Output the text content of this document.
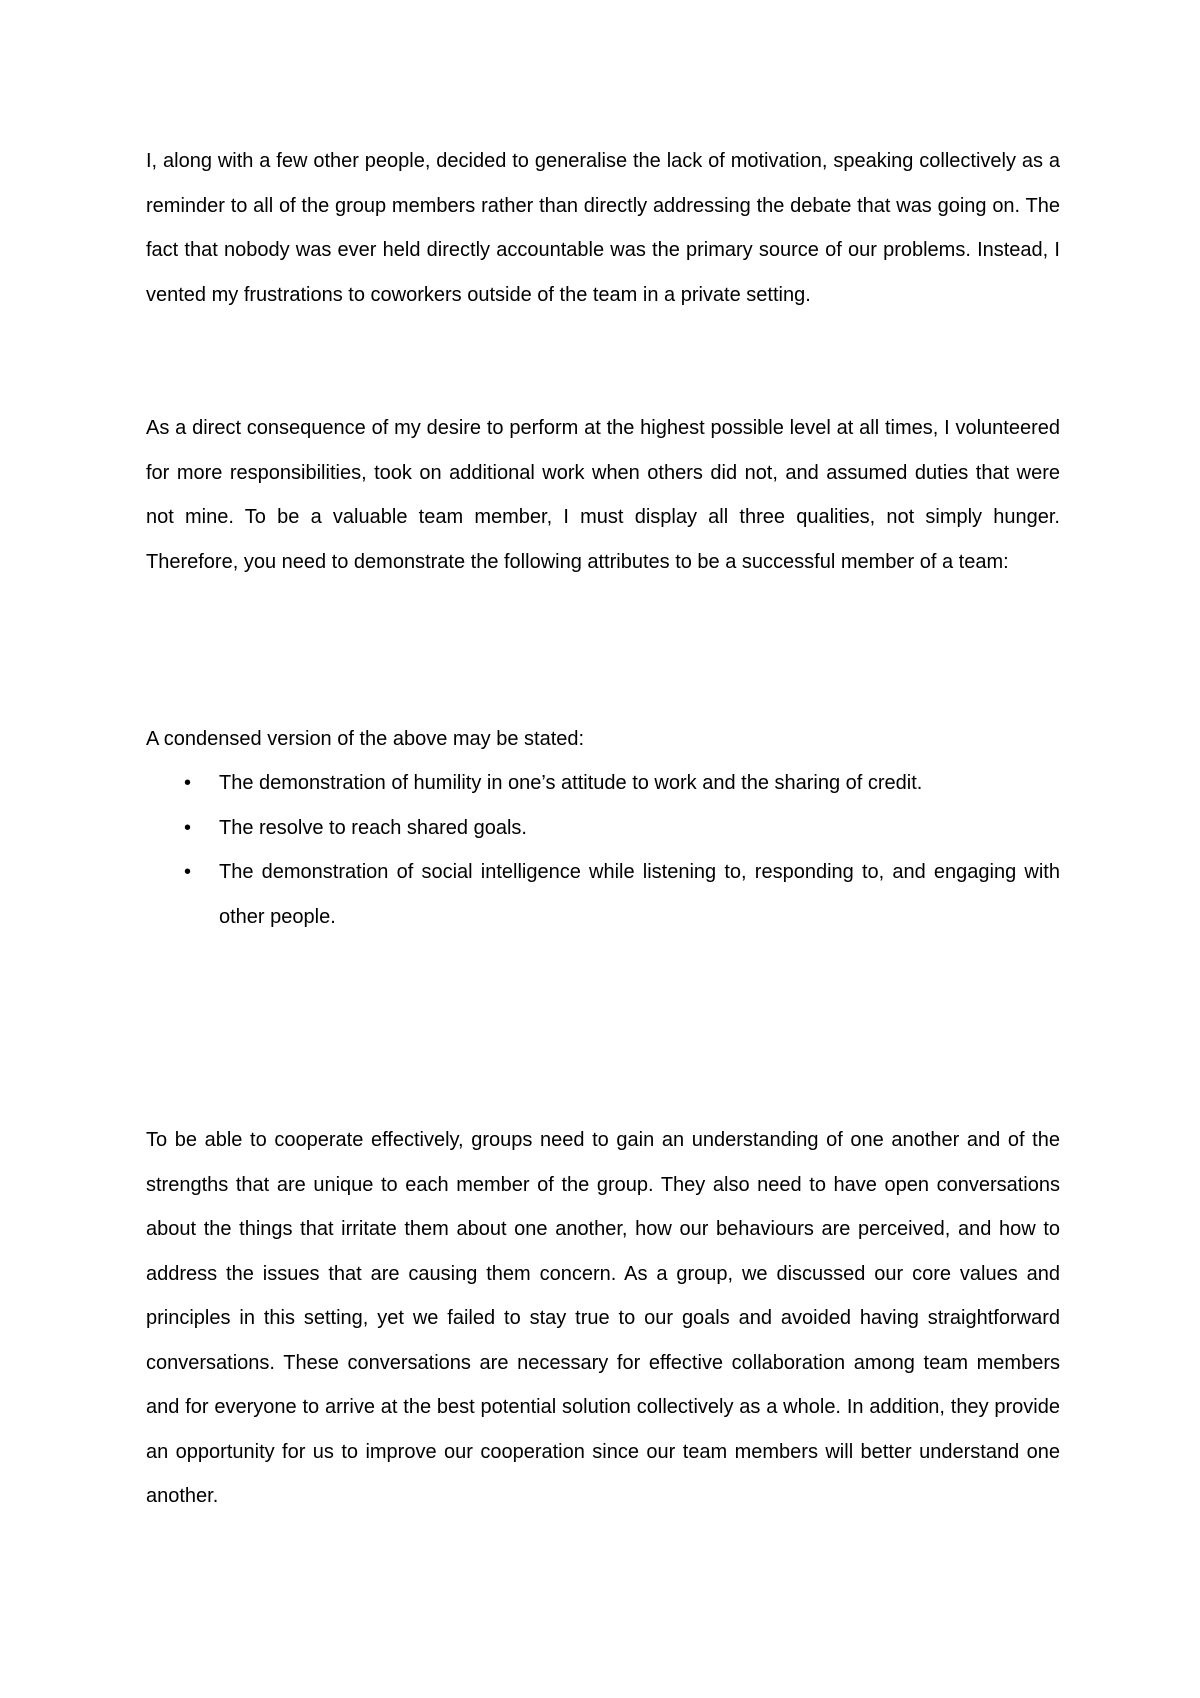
I, along with a few other people, decided to generalise the lack of motivation, speaking collectively as a reminder to all of the group members rather than directly addressing the debate that was going on. The fact that nobody was ever held directly accountable was the primary source of our problems. Instead, I vented my frustrations to coworkers outside of the team in a private setting.

As a direct consequence of my desire to perform at the highest possible level at all times, I volunteered for more responsibilities, took on additional work when others did not, and assumed duties that were not mine. To be a valuable team member, I must display all three qualities, not simply hunger. Therefore, you need to demonstrate the following attributes to be a successful member of a team:

A condensed version of the above may be stated:

• The demonstration of humility in one’s attitude to work and the sharing of credit.
• The resolve to reach shared goals.
• The demonstration of social intelligence while listening to, responding to, and engaging with other people.

To be able to cooperate effectively, groups need to gain an understanding of one another and of the strengths that are unique to each member of the group. They also need to have open conversations about the things that irritate them about one another, how our behaviours are perceived, and how to address the issues that are causing them concern. As a group, we discussed our core values and principles in this setting, yet we failed to stay true to our goals and avoided having straightforward conversations. These conversations are necessary for effective collaboration among team members and for everyone to arrive at the best potential solution collectively as a whole. In addition, they provide an opportunity for us to improve our cooperation since our team members will better understand one another.
